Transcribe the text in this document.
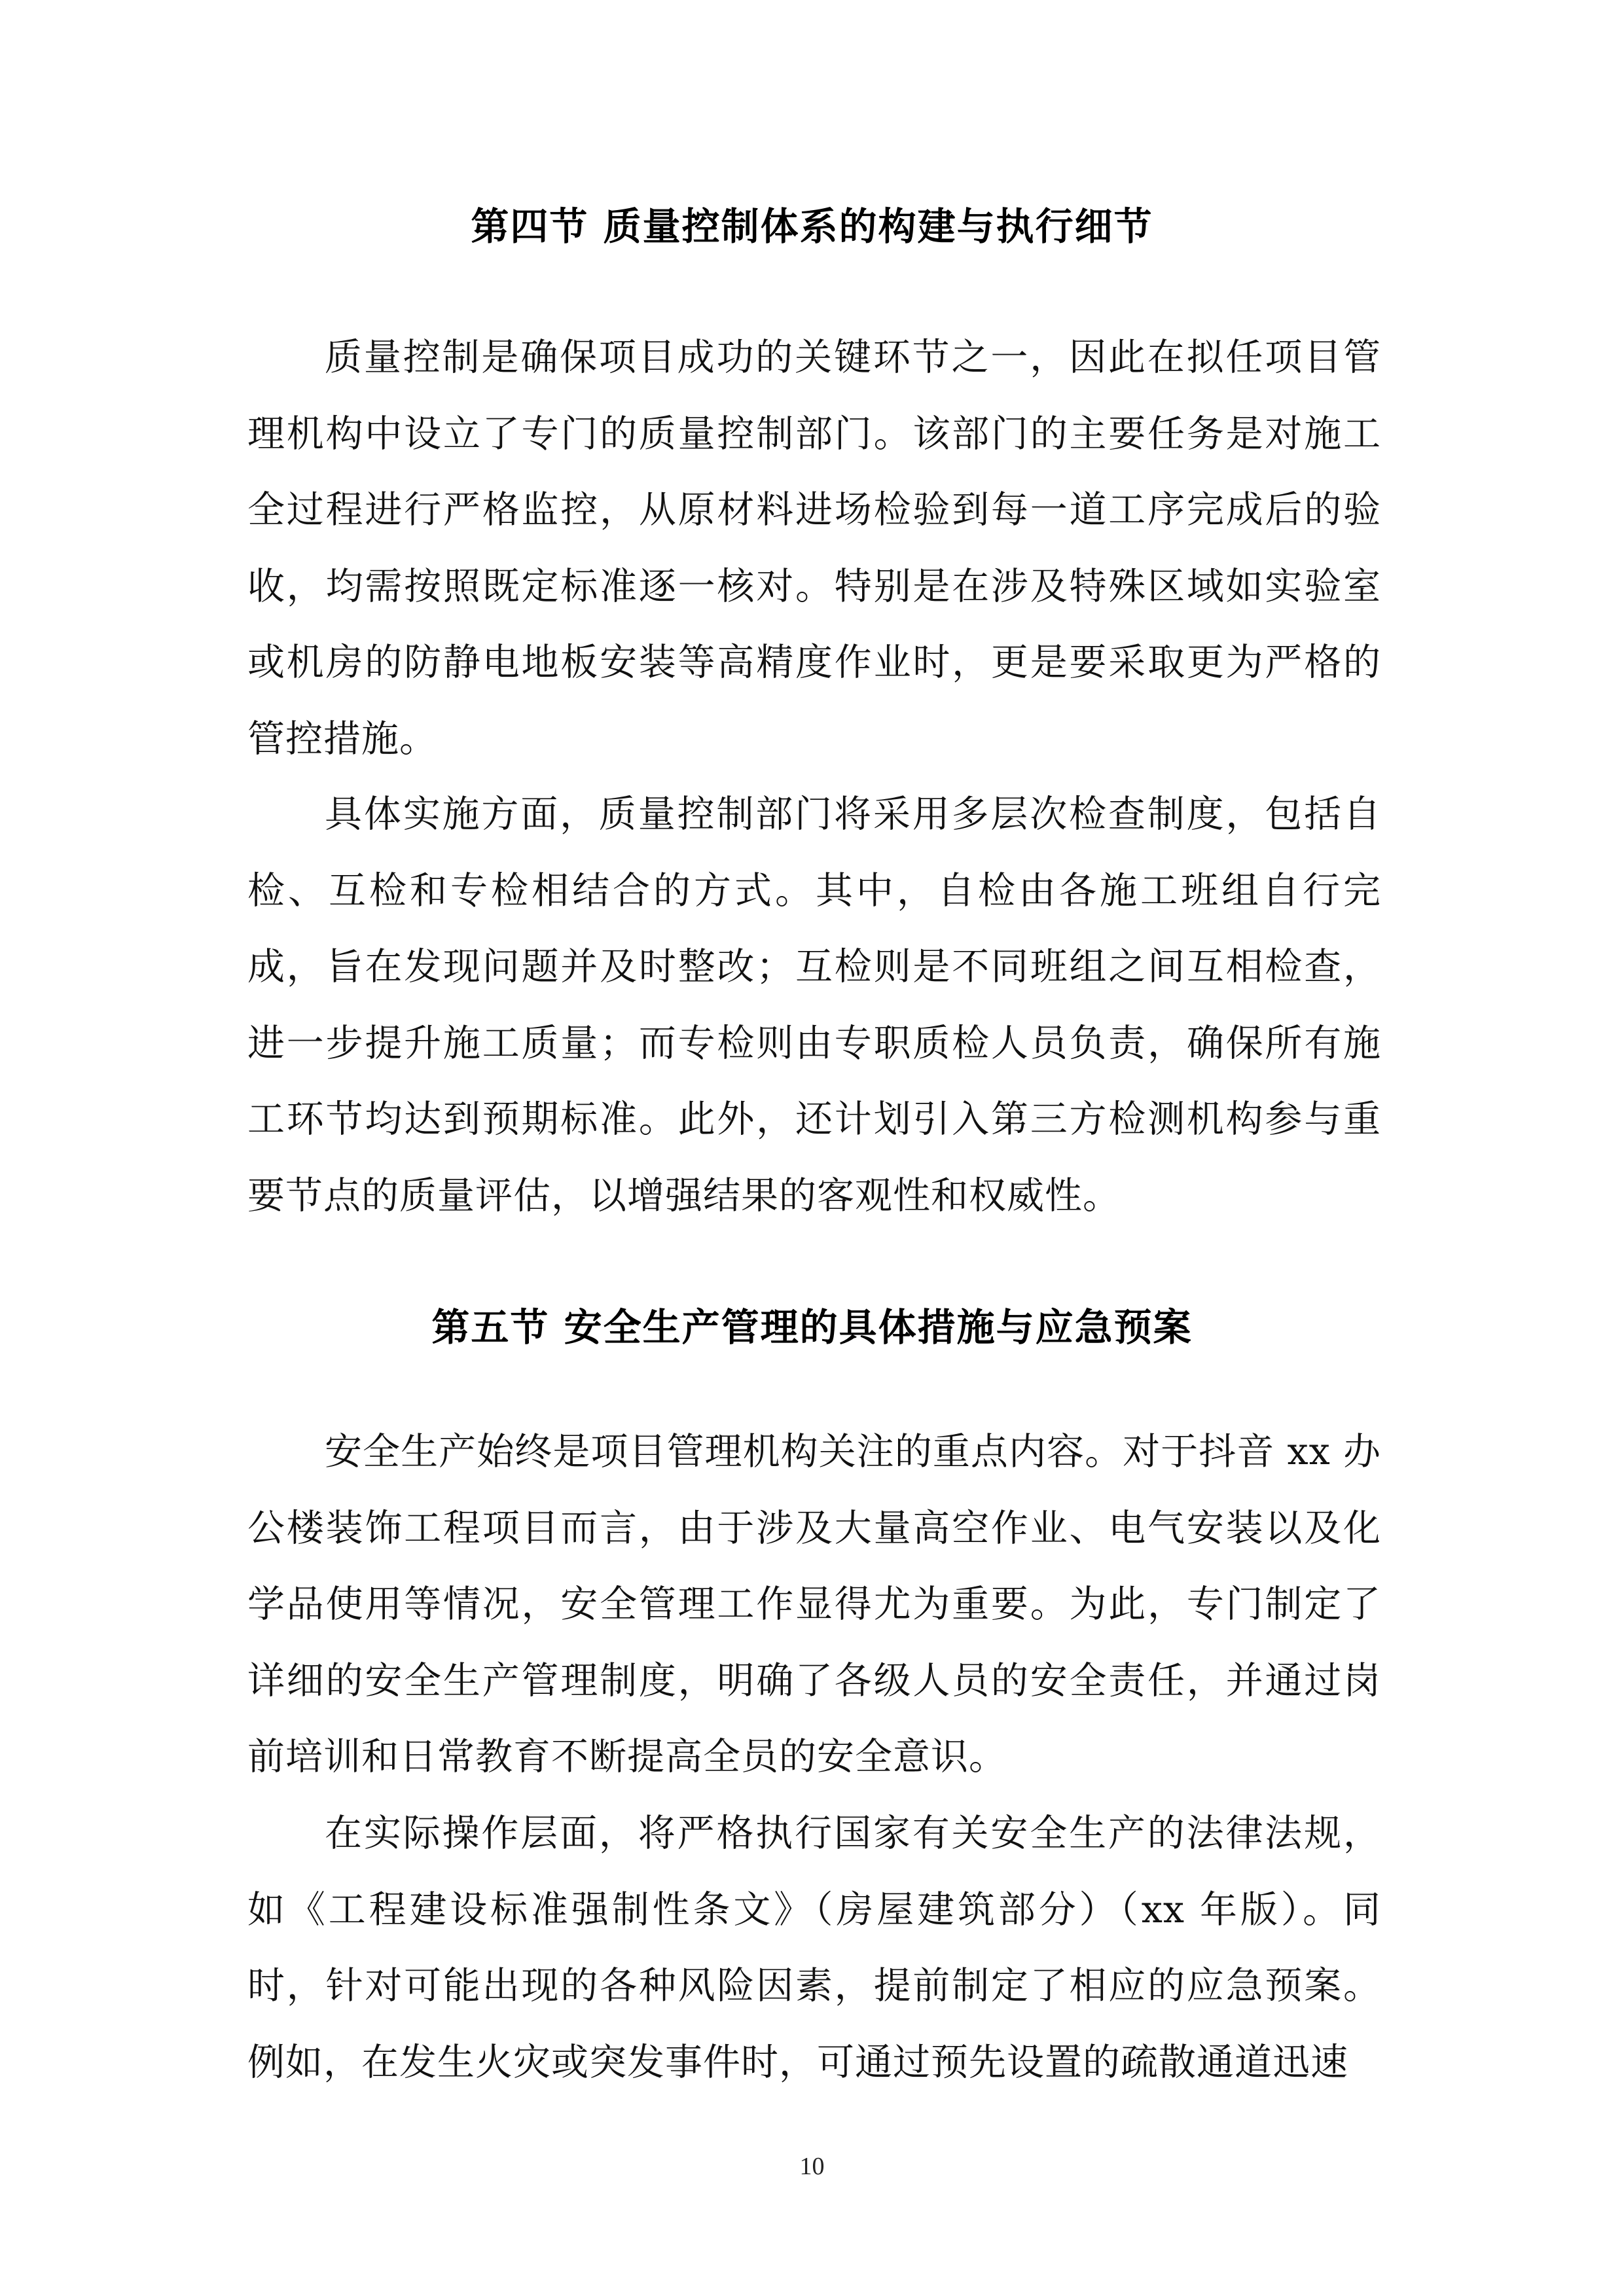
第四节 质量控制体系的构建与执行细节

质量控制是确保项目成功的关键环节之一，因此在拟任项目管理机构中设立了专门的质量控制部门。该部门的主要任务是对施工全过程进行严格监控，从原材料进场检验到每一道工序完成后的验收，均需按照既定标准逐一核对。特别是在涉及特殊区域如实验室或机房的防静电地板安装等高精度作业时，更是要采取更为严格的管控措施。

具体实施方面，质量控制部门将采用多层次检查制度，包括自检、互检和专检相结合的方式。其中，自检由各施工班组自行完成，旨在发现问题并及时整改；互检则是不同班组之间互相检查，进一步提升施工质量；而专检则由专职质检人员负责，确保所有施工环节均达到预期标准。此外，还计划引入第三方检测机构参与重要节点的质量评估，以增强结果的客观性和权威性。

第五节 安全生产管理的具体措施与应急预案

安全生产始终是项目管理机构关注的重点内容。对于抖音 xx 办公楼装饰工程项目而言，由于涉及大量高空作业、电气安装以及化学品使用等情况，安全管理工作显得尤为重要。为此，专门制定了详细的安全生产管理制度，明确了各级人员的安全责任，并通过岗前培训和日常教育不断提高全员的安全意识。

在实际操作层面，将严格执行国家有关安全生产的法律法规，如《工程建设标准强制性条文》（房屋建筑部分）（xx 年版）。同时，针对可能出现的各种风险因素，提前制定了相应的应急预案。例如，在发生火灾或突发事件时，可通过预先设置的疏散通道迅速

10
